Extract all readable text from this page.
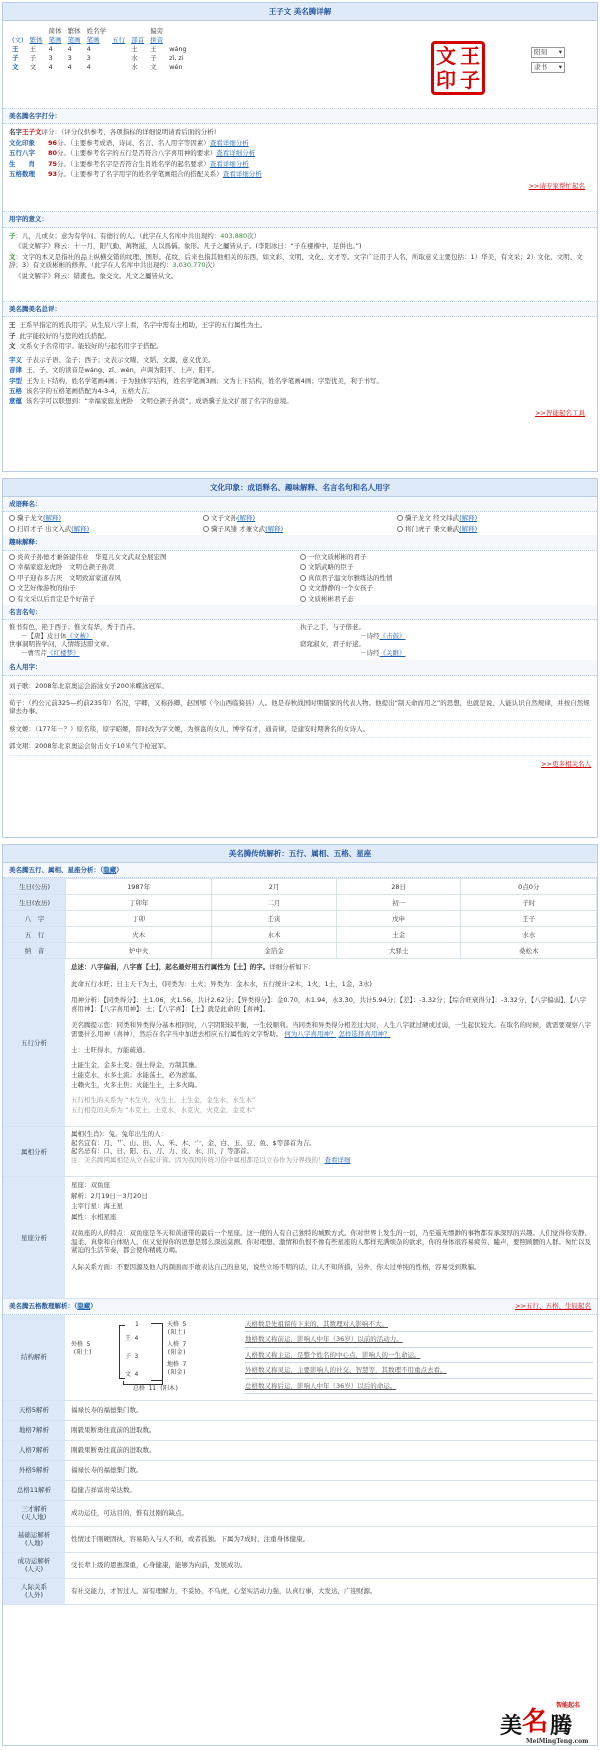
王子文 美名腾详解
		简体	繁体	姓名学			偏旁	
(文)	繁体	笔画	笔画	笔画	五行	部首	拼音	
王	王	4	4	4		土	王	wáng
子	子	3	3	3		水	子	zǐ, zi
文	文	4	4	4		水	文	wén	文 王
印 子
阳刻 ▾
隶书 ▾
美名腾名字打分：
名字王子文评分：（评分仅供参考，各项指标的详细说明请看后面的分析）
文化印象 96分。（主要参考成语、诗词、名言、名人用字等因素）查看详细分析
五行八字 80分。（主要参考名字的五行是否符合八字喜用神的要求）查看详细分析
生　　肖 75分。（主要参考名字是否符合生肖姓名学的起名要求）查看详细分析
五格数理 93分。（主要参考了名字用字的姓名学笔画组合的搭配关系）查看详细分析
>>请专家帮忙起名
用字的意义：
子：儿，儿或女；意为有学问、有德行的人。（此字在人名库中共出现约：403,880次）
《说文解字》释云：十一月，阳气動，萬物滋，人以爲偁。象形。凡子之屬皆从子。(李阳冰曰：“子在襁褓中，足併也。”)
文：文字的本义是指社的品上纵横交错的纹理、图形、花纹，后来也指其他相关的东西，如文彩、文明、文化、文才等。文字广泛用于人名，所取意义主要包括：1）华美，有文采；2）文化、文明、文辞；3）有文质彬彬的修养。（此字在人名库中共出现约：3,030,770次）
《说文解字》释云：错畫也。象交文。凡文之屬皆从文。
美名腾美名总评：
王 王系早指定的姓氏用字。从生辰八字上看，名字中需有土相助，王字的五行属性为土。
子 此字能较好的与您的姓氏搭配。
文 文系女子名常用字。能较好的与起名用字子搭配。
字义 子表示子语、金子；西子；文表示文曜、文韬、文源，意义优美。
音律 王、子、文的读音是wáng、zǐ、wén，声调为阳平、上声、阳平。
字型 王为上下结构，姓名学笔画4画；子为独体字结构，姓名学笔画3画；文为上下结构，姓名学笔画4画；字型优美，利于书写。
五格 该名字的五格笔画搭配为4-3-4，五格大吉。
意蕴 该名字可以联想到：“幸福家庭龙虎卧　文明仓颉子孙贤”。成语骥子龙文扩展了名字的意境。
>>智能起名工具
文化印象：成语释名、趣味解释、名言名句和名人用字
成语释名：
骥子龙文(解释)	文子文孙(解释)	骥子龙文 经文纬武(解释)
扫眉才子 出文入武(解释)	骥子凤雏 才兼文武(解释)	将门虎子 秉文兼武(解释)
趣味解释：
炎黄子孙德才兼备建伟业　华夏儿女文武双全展宏图	一位文质彬彬的君子
幸福家庭龙虎卧　文明仓颉子孙贤	文韬武略的臣子
甲子迎春多吉庆　文明致富家道春风	真似君子温文尔雅练达的性情
文艺好像游牧的仙子	文文静静的一个女孩子
有文采以后肯定是个好苗子	文质彬彬君子态
名言名句：
惟书有色，艳于西子；惟文有华，秀于百卉。
－【唐】皮日休《文薮》
世事洞明皆学问，人情练达即文章。
－曹雪芹《红楼梦》
执子之手，与子偕老。
－诗经《击鼓》
窈窕淑女，君子好逑。
－诗经《关雎》
名人用字：
刘子歌：2008年北京奥运会游泳女子200米蝶泳冠军。
荀子：（约公元前325—约前235年）名况，字卿，又称孙卿，赵国郇（今山西临猗县）人。他是春秋战国时期儒家的代表人物。他提出“制天命而用之”的思想，也就是说，人能认识自然规律，并按自然规律去办事。
蔡文姬：（177年－？）原名琰，原字昭姬，晋时改为字文姬，为蔡邕的女儿，博学有才，通音律，是建安时期著名的女诗人。
郭文珺：2008年北京奥运会射击女子10米气手枪冠军。
>>更多相关名人
美名腾传统解析：五行、属相、五格、星座
美名腾五行、属相、星座分析：（隐藏）
生日(公历)	1987年	2月	28日	0点0分
生日(农历)	丁卯年	二月	初一	子时
八　字	丁卯	壬寅	戊申	壬子
五　行	火木	水木	土金	水水
纳　音	炉中火	金箔金	大驿土	桑松木
五行分析
总述：八字偏弱，八字喜【土】，起名最好用五行属性为【土】的字。详细分析如下：
此命五行水旺；日主天干为土，(同类为：土火；异类为：金木水，五行统计:2木，1火，1土，1金，3水)
用神分析：【同类得分】：土1.06，火1.56，共计2.62分；【异类得分】：金0.70，木1.94，水3.30，共计5.94分；【差】：-3.32分；【综合旺衰得分】：-3.32分，【八字偏弱】，【八字喜用神】：【八字喜用神】：土；【八字喜】：【土】就是此命的【喜神】。
美名腾提示您：同类和异类得分基本相同时，八字阴阳较平衡，一生较顺利。当同类和异类得分相差过大时，人生八字就过硬或过弱，一生起伏较大。在取名的时候，就需要观察八字需要什么用神（喜神），然后在名字当中加进去相应五行属性的文字帮助。 何为八字喜用神？ 怎样选择喜用神？
土：土旺得水，方能疏通。
土能生金，金多土变；强土得金，方制其壅。
土能克水，水多土流；水能荡土，必为淤塞。
土赖火生，火多土焦；火能生土，土多火晦。
五行相生的关系为 “木生火，火生土，土生金，金生水，水生木”
五行相克的关系为 “木克土，土克水，水克火，火克金，金克木”
属相分析
属相(生肖)：兔。兔年出生的人：
起名宜有：月、艹、山、田、人、禾、木、宀、金、白、玉、豆、鱼、$等部首为吉。
起名忌有：口、日、阳、石、刀、力、皮、水、川、氵等部首。
注：美名腾网属相是从立春起计算。因为我国传统习俗中属相都是以立春作为分界线的！查看详细
星座分析
星座：双鱼座
解析：2月19日－3月20日
主宰行星：海王星
属性：水相星座
双鱼座的人的特点：双鱼座是冬天和黄道带的最后一个星座。这一使的人有自己独特的城默方式。你对世界上发生的一切，乃至遥无缥渺的事物都有承深厚的兴趣。人们觉得你安静、温柔、真挚和自体贴人，但又觉得你的思想是那么深远莫测。你对理想、激情和仇恨不像有些星座的人那样充满烦杂的欲求，你的身体很容易疲劳、瞌声，要照顾腰的人群。匆忙以及紧迫的生活节奏，都会使你精疲力竭。
人际关系方面：不要因源及他人的颜面而不敢表达自己的意见，说些立场不明的话，让人不知所措，另外，你太过单纯的性格，容易受到欺骗。
美名腾五格数理解析：（隐藏）	>>五行、五格、生辰起名
结构解析
外格 5
(阳土)
1
王 4
子 3
文 4
天格 5
(阳土)
人格 7
(阳金)
地格 7
(阳金)
总格 11 (阳木)
天格数是先祖留传下来的，其数理对人影响不大。
地格数又称前运，影响人中年（36岁）以前的活动力。
人格数又称主运，是整个姓名的中心点，影响人的一生命运。
外格数又称灵运，主要影响人的社交、智慧等，其数理不用重点去看。
总格数又称后运，影响人中年（36岁）以后的命运。
天格5解析	福禄长寿的福德集门数。
地格7解析	刚毅果断勇往直前的进取数。
人格7解析	刚毅果断勇往直前的进取数。
外格5解析	福禄长寿的福德集门数。
总格11解析	稳健吉祥富贵荣达数。
三才解析
(天人地)
成功运佳，可达目的，惟有过刚的缺点。
基础运解析
(人地)
性情过于刚硬固执，容易陷入与人不和，或者孤独。下属为7成时，注重身体健康。
成功运解析
(人天)
受长辈上级的恩惠深重，心身健康，能够为向前，发展成功。
人际关系
(人外)
有社交能力，才智过人，富有理解力，不妥协，不乌虎，心坚实活动力强，认真行事，大发达，广迎财源。
美 名 腾
智能起名
MeiMingTeng.com
